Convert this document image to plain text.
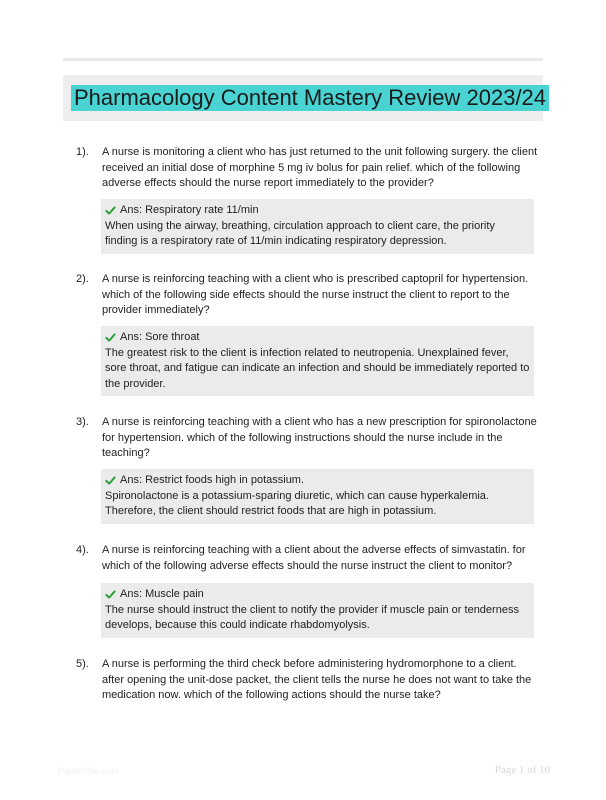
Pharmacology Content Mastery Review 2023/24
1). A nurse is monitoring a client who has just returned to the unit following surgery. the client received an initial dose of morphine 5 mg iv bolus for pain relief. which of the following adverse effects should the nurse report immediately to the provider?
Ans: Respiratory rate 11/min
When using the airway, breathing, circulation approach to client care, the priority finding is a respiratory rate of 11/min indicating respiratory depression.
2). A nurse is reinforcing teaching with a client who is prescribed captopril for hypertension. which of the following side effects should the nurse instruct the client to report to the provider immediately?
Ans: Sore throat
The greatest risk to the client is infection related to neutropenia. Unexplained fever, sore throat, and fatigue can indicate an infection and should be immediately reported to the provider.
3). A nurse is reinforcing teaching with a client who has a new prescription for spironolactone for hypertension. which of the following instructions should the nurse include in the teaching?
Ans: Restrict foods high in potassium.
Spironolactone is a potassium-sparing diuretic, which can cause hyperkalemia. Therefore, the client should restrict foods that are high in potassium.
4). A nurse is reinforcing teaching with a client about the adverse effects of simvastatin. for which of the following adverse effects should the nurse instruct the client to monitor?
Ans: Muscle pain
The nurse should instruct the client to notify the provider if muscle pain or tenderness develops, because this could indicate rhabdomyolysis.
5). A nurse is performing the third check before administering hydromorphone to a client. after opening the unit-dose packet, the client tells the nurse he does not want to take the medication now. which of the following actions should the nurse take?
PaperSfile.com	Page 1 of 10
